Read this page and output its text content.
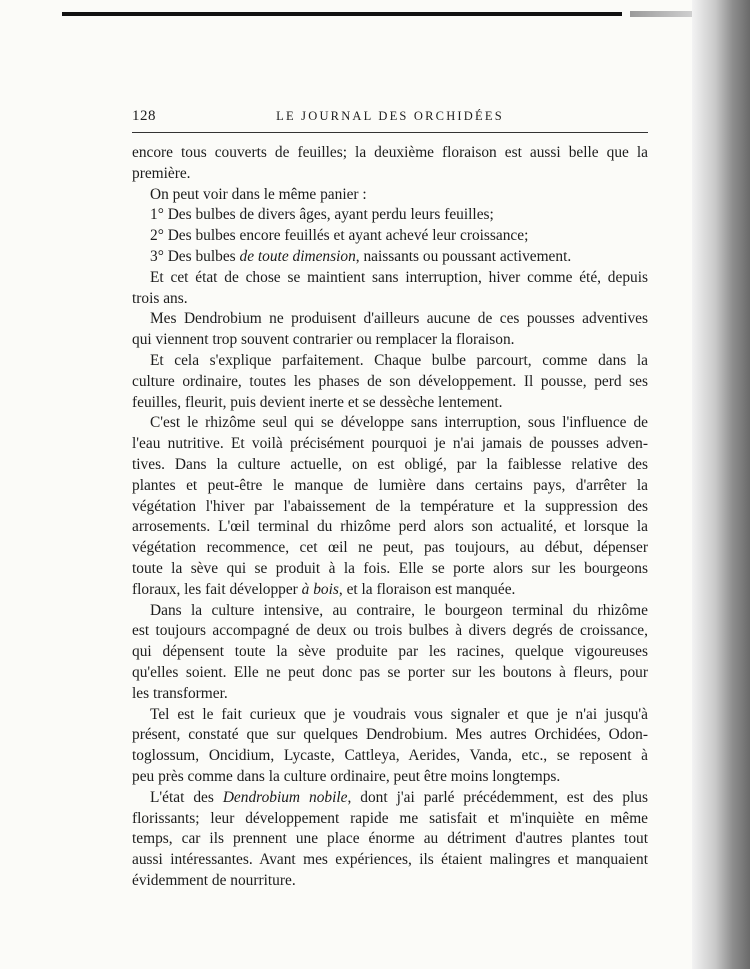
128	LE JOURNAL DES ORCHIDÉES
encore tous couverts de feuilles; la deuxième floraison est aussi belle que la
première.
On peut voir dans le même panier :
1° Des bulbes de divers âges, ayant perdu leurs feuilles;
2° Des bulbes encore feuillés et ayant achevé leur croissance;
3° Des bulbes de toute dimension, naissants ou poussant activement.
Et cet état de chose se maintient sans interruption, hiver comme été, depuis
trois ans.
Mes Dendrobium ne produisent d'ailleurs aucune de ces pousses adventives
qui viennent trop souvent contrarier ou remplacer la floraison.
Et cela s'explique parfaitement. Chaque bulbe parcourt, comme dans la
culture ordinaire, toutes les phases de son développement. Il pousse, perd ses
feuilles, fleurit, puis devient inerte et se dessèche lentement.
C'est le rhizôme seul qui se développe sans interruption, sous l'influence de
l'eau nutritive. Et voilà précisément pourquoi je n'ai jamais de pousses adven-
tives. Dans la culture actuelle, on est obligé, par la faiblesse relative des
plantes et peut-être le manque de lumière dans certains pays, d'arrêter la
végétation l'hiver par l'abaissement de la température et la suppression des
arrosements. L'œil terminal du rhizôme perd alors son actualité, et lorsque la
végétation recommence, cet œil ne peut, pas toujours, au début, dépenser
toute la sève qui se produit à la fois. Elle se porte alors sur les bourgeons
floraux, les fait développer à bois, et la floraison est manquée.
Dans la culture intensive, au contraire, le bourgeon terminal du rhizôme
est toujours accompagné de deux ou trois bulbes à divers degrés de croissance,
qui dépensent toute la sève produite par les racines, quelque vigoureuses
qu'elles soient. Elle ne peut donc pas se porter sur les boutons à fleurs, pour
les transformer.
Tel est le fait curieux que je voudrais vous signaler et que je n'ai jusqu'à
présent, constaté que sur quelques Dendrobium. Mes autres Orchidées, Odon-
toglossum, Oncidium, Lycaste, Cattleya, Aerides, Vanda, etc., se reposent à
peu près comme dans la culture ordinaire, peut être moins longtemps.
L'état des Dendrobium nobile, dont j'ai parlé précédemment, est des plus
florissants; leur développement rapide me satisfait et m'inquiète en même
temps, car ils prennent une place énorme au détriment d'autres plantes tout
aussi intéressantes. Avant mes expériences, ils étaient malingres et manquaient
évidemment de nourriture.
